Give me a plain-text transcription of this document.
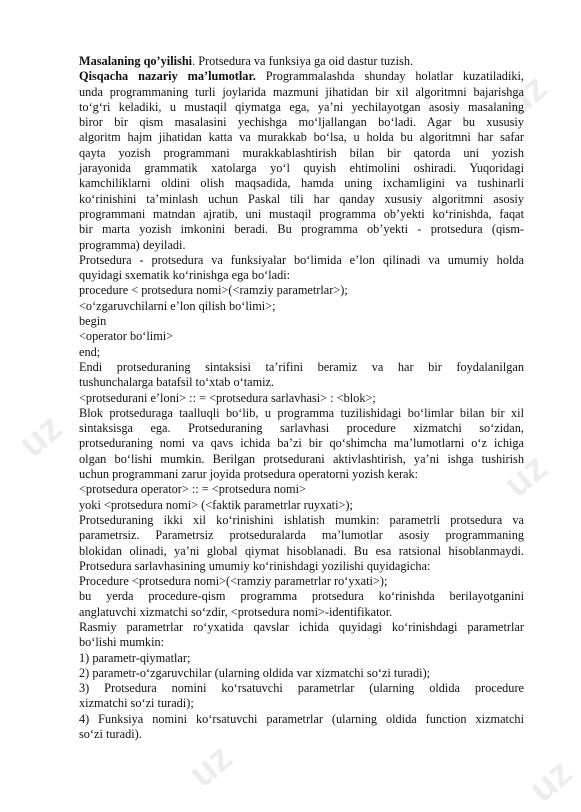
uz
uz
uz
uz	uz
Masalaning qo’yilishi. Protsedura va funksiya ga oid dastur tuzish.
Qisqacha nazariy ma’lumotlar. Programmalashda shunday holatlar kuzatiladiki,
unda programmaning turli joylarida mazmuni jihatidan bir xil algoritmni bajarishga
to‘g‘ri keladiki, u mustaqil qiymatga ega, ya’ni yechilayotgan asosiy masalaning
biror bir qism masalasini yechishga mo‘ljallangan bo‘ladi. Agar bu xususiy
algoritm hajm jihatidan katta va murakkab bo‘lsa, u holda bu algoritmni har safar
qayta yozish programmani murakkablashtirish bilan bir qatorda uni yozish
jarayonida grammatik xatolarga yo‘l quyish ehtimolini oshiradi. Yuqoridagi
kamchiliklarni oldini olish maqsadida, hamda uning ixchamligini va tushinarli
ko‘rinishini ta’minlash uchun Paskal tili har qanday xususiy algoritmni asosiy
programmani matndan ajratib, uni mustaqil programma ob’yekti ko‘rinishda, faqat
bir marta yozish imkonini beradi. Bu programma ob’yekti - protsedura (qism-
programma) deyiladi.
Protsedura - protsedura va funksiyalar bo‘limida e’lon qilinadi va umumiy holda
quyidagi sxematik ko‘rinishga ega bo‘ladi:
procedure < protsedura nomi>(<ramziy parametrlar>);
<o‘zgaruvchilarni e’lon qilish bo‘limi>;
begin
<operator bo‘limi>
end;
Endi protseduraning sintaksisi ta’rifini beramiz va har bir foydalanilgan
tushunchalarga batafsil to‘xtab o‘tamiz.
<protsedurani e’loni> :: = <protsedura sarlavhasi> : <blok>;
Blok protseduraga taalluqli bo‘lib, u programma tuzilishidagi bo‘limlar bilan bir xil
sintaksisga ega. Protseduraning sarlavhasi procedure xizmatchi so‘zidan,
protseduraning nomi va qavs ichida ba’zi bir qo‘shimcha ma’lumotlarni o‘z ichiga
olgan bo‘lishi mumkin. Berilgan protsedurani aktivlashtirish, ya’ni ishga tushirish
uchun programmani zarur joyida protsedura operatorni yozish kerak:
<protsedura operator> :: = <protsedura nomi>
yoki <protsedura nomi> (<faktik parametrlar ruyxati>);
Protseduraning ikki xil ko‘rinishini ishlatish mumkin: parametrli protsedura va
parametrsiz. Parametrsiz protseduralarda ma’lumotlar asosiy programmaning
blokidan olinadi, ya’ni global qiymat hisoblanadi. Bu esa ratsional hisoblanmaydi.
Protsedura sarlavhasining umumiy ko‘rinishdagi yozilishi quyidagicha:
Procedure <protsedura nomi>(<ramziy parametrlar ro‘yxati>);
bu yerda procedure-qism programma protsedura ko‘rinishda berilayotganini
anglatuvchi xizmatchi so‘zdir, <protsedura nomi>-identifikator.
Rasmiy parametrlar ro‘yxatida qavslar ichida quyidagi ko‘rinishdagi parametrlar
bo‘lishi mumkin:
1) parametr-qiymatlar;
2) parametr-o‘zgaruvchilar (ularning oldida var xizmatchi so‘zi turadi);
3) Protsedura nomini ko‘rsatuvchi parametrlar (ularning oldida procedure
xizmatchi so‘zi turadi);
4) Funksiya nomini ko‘rsatuvchi parametrlar (ularning oldida function xizmatchi
so‘zi turadi).
